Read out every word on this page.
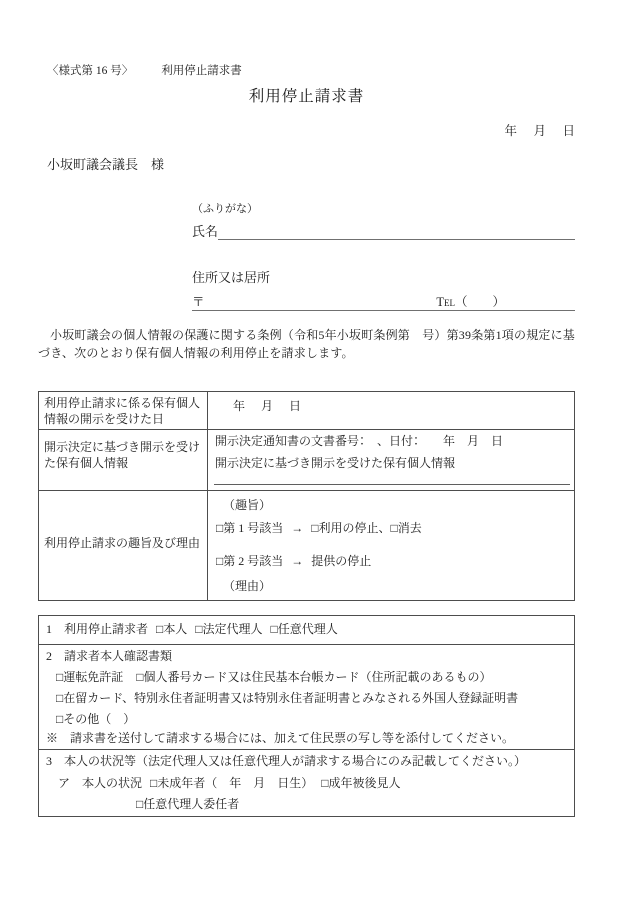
〈様式第 16 号〉 利用停止請求書
利用停止請求書
年　月　日
小坂町議会議長　様
（ふりがな）
氏名
住所又は居所
〒	Tel（　　）
小坂町議会の個人情報の保護に関する条例（令和5年小坂町条例第　号）第39条第1項の規定に基づき、次のとおり保有個人情報の利用停止を請求します。
利用停止請求に係る保有個人情報の開示を受けた日
年　月　日
開示決定に基づき開示を受けた保有個人情報
開示決定通知書の文書番号：　、日付：　　年　月　日
開示決定に基づき開示を受けた保有個人情報
利用停止請求の趣旨及び理由
（趣旨）
□第 1 号該当 → □利用の停止、□消去
□第 2 号該当 → 提供の停止
（理由）
1　利用停止請求者 □本人 □法定代理人 □任意代理人
2　請求者本人確認書類
□運転免許証 □個人番号カード又は住民基本台帳カード（住所記載のあるもの） □在留カード、特別永住者証明書又は特別永住者証明書とみなされる外国人登録証明書 □その他（　）
※　請求書を送付して請求する場合には、加えて住民票の写し等を添付してください。
3　本人の状況等（法定代理人又は任意代理人が請求する場合にのみ記載してください。）
ア　本人の状況 □未成年者（　年　月　日生） □成年被後見人
□任意代理人委任者
